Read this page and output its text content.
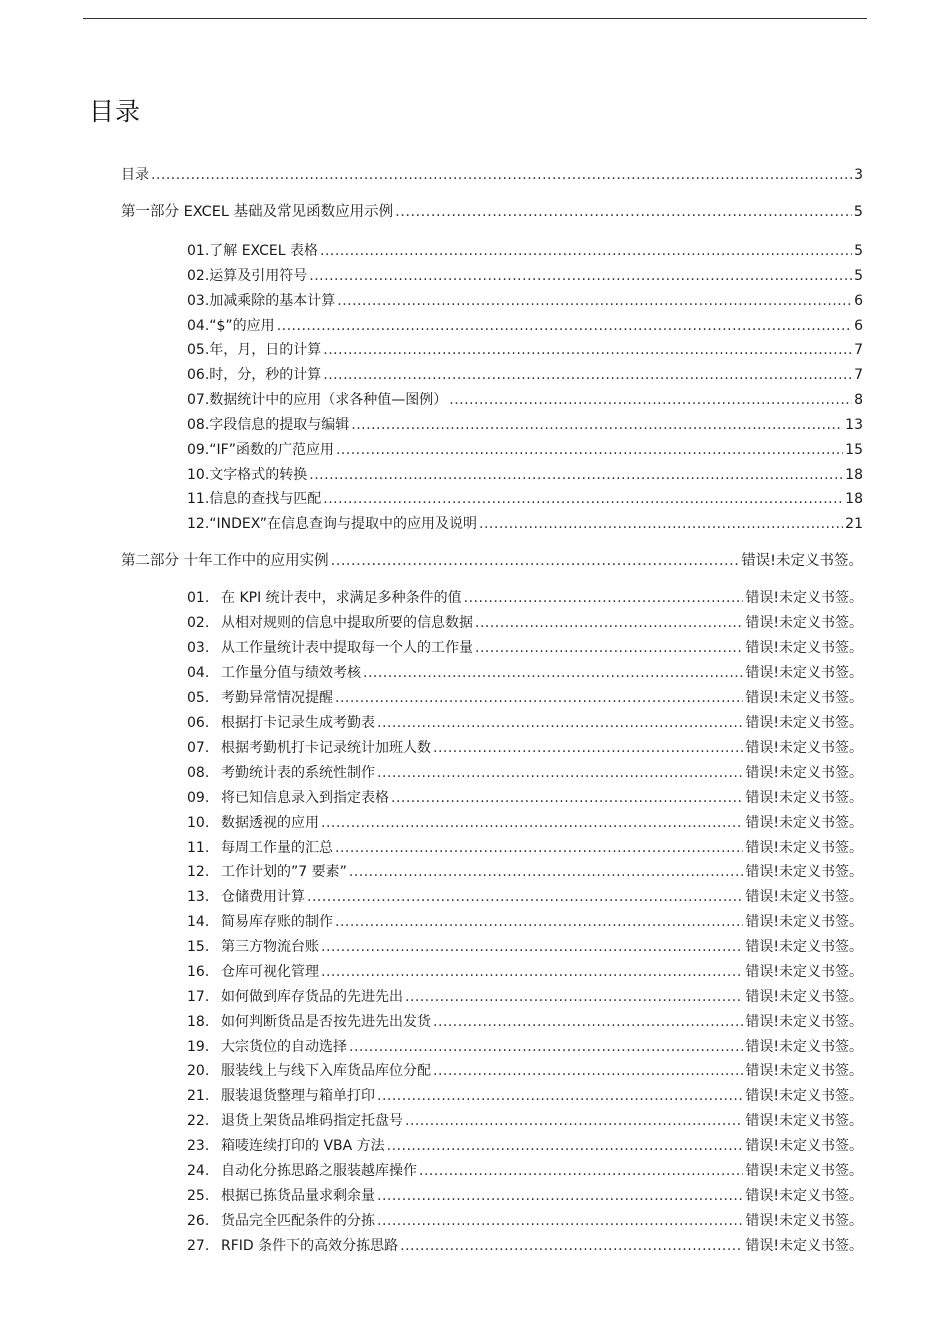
目录
目录 .....	3
第一部分 EXCEL 基础及常见函数应用示例 .....	5
01.了解 EXCEL 表格 .....	5
02.运算及引用符号 .....	5
03.加减乘除的基本计算 .....	6
04.“$”的应用 .....	6
05.年，月，日的计算 .....	7
06.时，分，秒的计算 .....	7
07.数据统计中的应用（求各种值—图例） .....	8
08.字段信息的提取与编辑 .....	13
09.“IF”函数的广范应用 .....	15
10.文字格式的转换 .....	18
11.信息的查找与匹配 .....	18
12.“INDEX”在信息查询与提取中的应用及说明 .....	21
第二部分 十年工作中的应用实例 .....	错误!未定义书签。
01. 在 KPI 统计表中，求满足多种条件的值 .....	错误!未定义书签。
02. 从相对规则的信息中提取所要的信息数据 .....	错误!未定义书签。
03. 从工作量统计表中提取每一个人的工作量 .....	错误!未定义书签。
04. 工作量分值与绩效考核 .....	错误!未定义书签。
05. 考勤异常情况提醒 .....	错误!未定义书签。
06. 根据打卡记录生成考勤表 .....	错误!未定义书签。
07. 根据考勤机打卡记录统计加班人数 .....	错误!未定义书签。
08. 考勤统计表的系统性制作 .....	错误!未定义书签。
09. 将已知信息录入到指定表格 .....	错误!未定义书签。
10. 数据透视的应用 .....	错误!未定义书签。
11. 每周工作量的汇总 .....	错误!未定义书签。
12. 工作计划的”7 要素” .....	错误!未定义书签。
13. 仓储费用计算 .....	错误!未定义书签。
14. 简易库存账的制作 .....	错误!未定义书签。
15. 第三方物流台账 .....	错误!未定义书签。
16. 仓库可视化管理 .....	错误!未定义书签。
17. 如何做到库存货品的先进先出 .....	错误!未定义书签。
18. 如何判断货品是否按先进先出发货 .....	错误!未定义书签。
19. 大宗货位的自动选择 .....	错误!未定义书签。
20. 服装线上与线下入库货品库位分配 .....	错误!未定义书签。
21. 服装退货整理与箱单打印 .....	错误!未定义书签。
22. 退货上架货品堆码指定托盘号 .....	错误!未定义书签。
23. 箱唛连续打印的 VBA 方法 .....	错误!未定义书签。
24. 自动化分拣思路之服装越库操作 .....	错误!未定义书签。
25. 根据已拣货品量求剩余量 .....	错误!未定义书签。
26. 货品完全匹配条件的分拣 .....	错误!未定义书签。
27. RFID 条件下的高效分拣思路 .....	错误!未定义书签。
